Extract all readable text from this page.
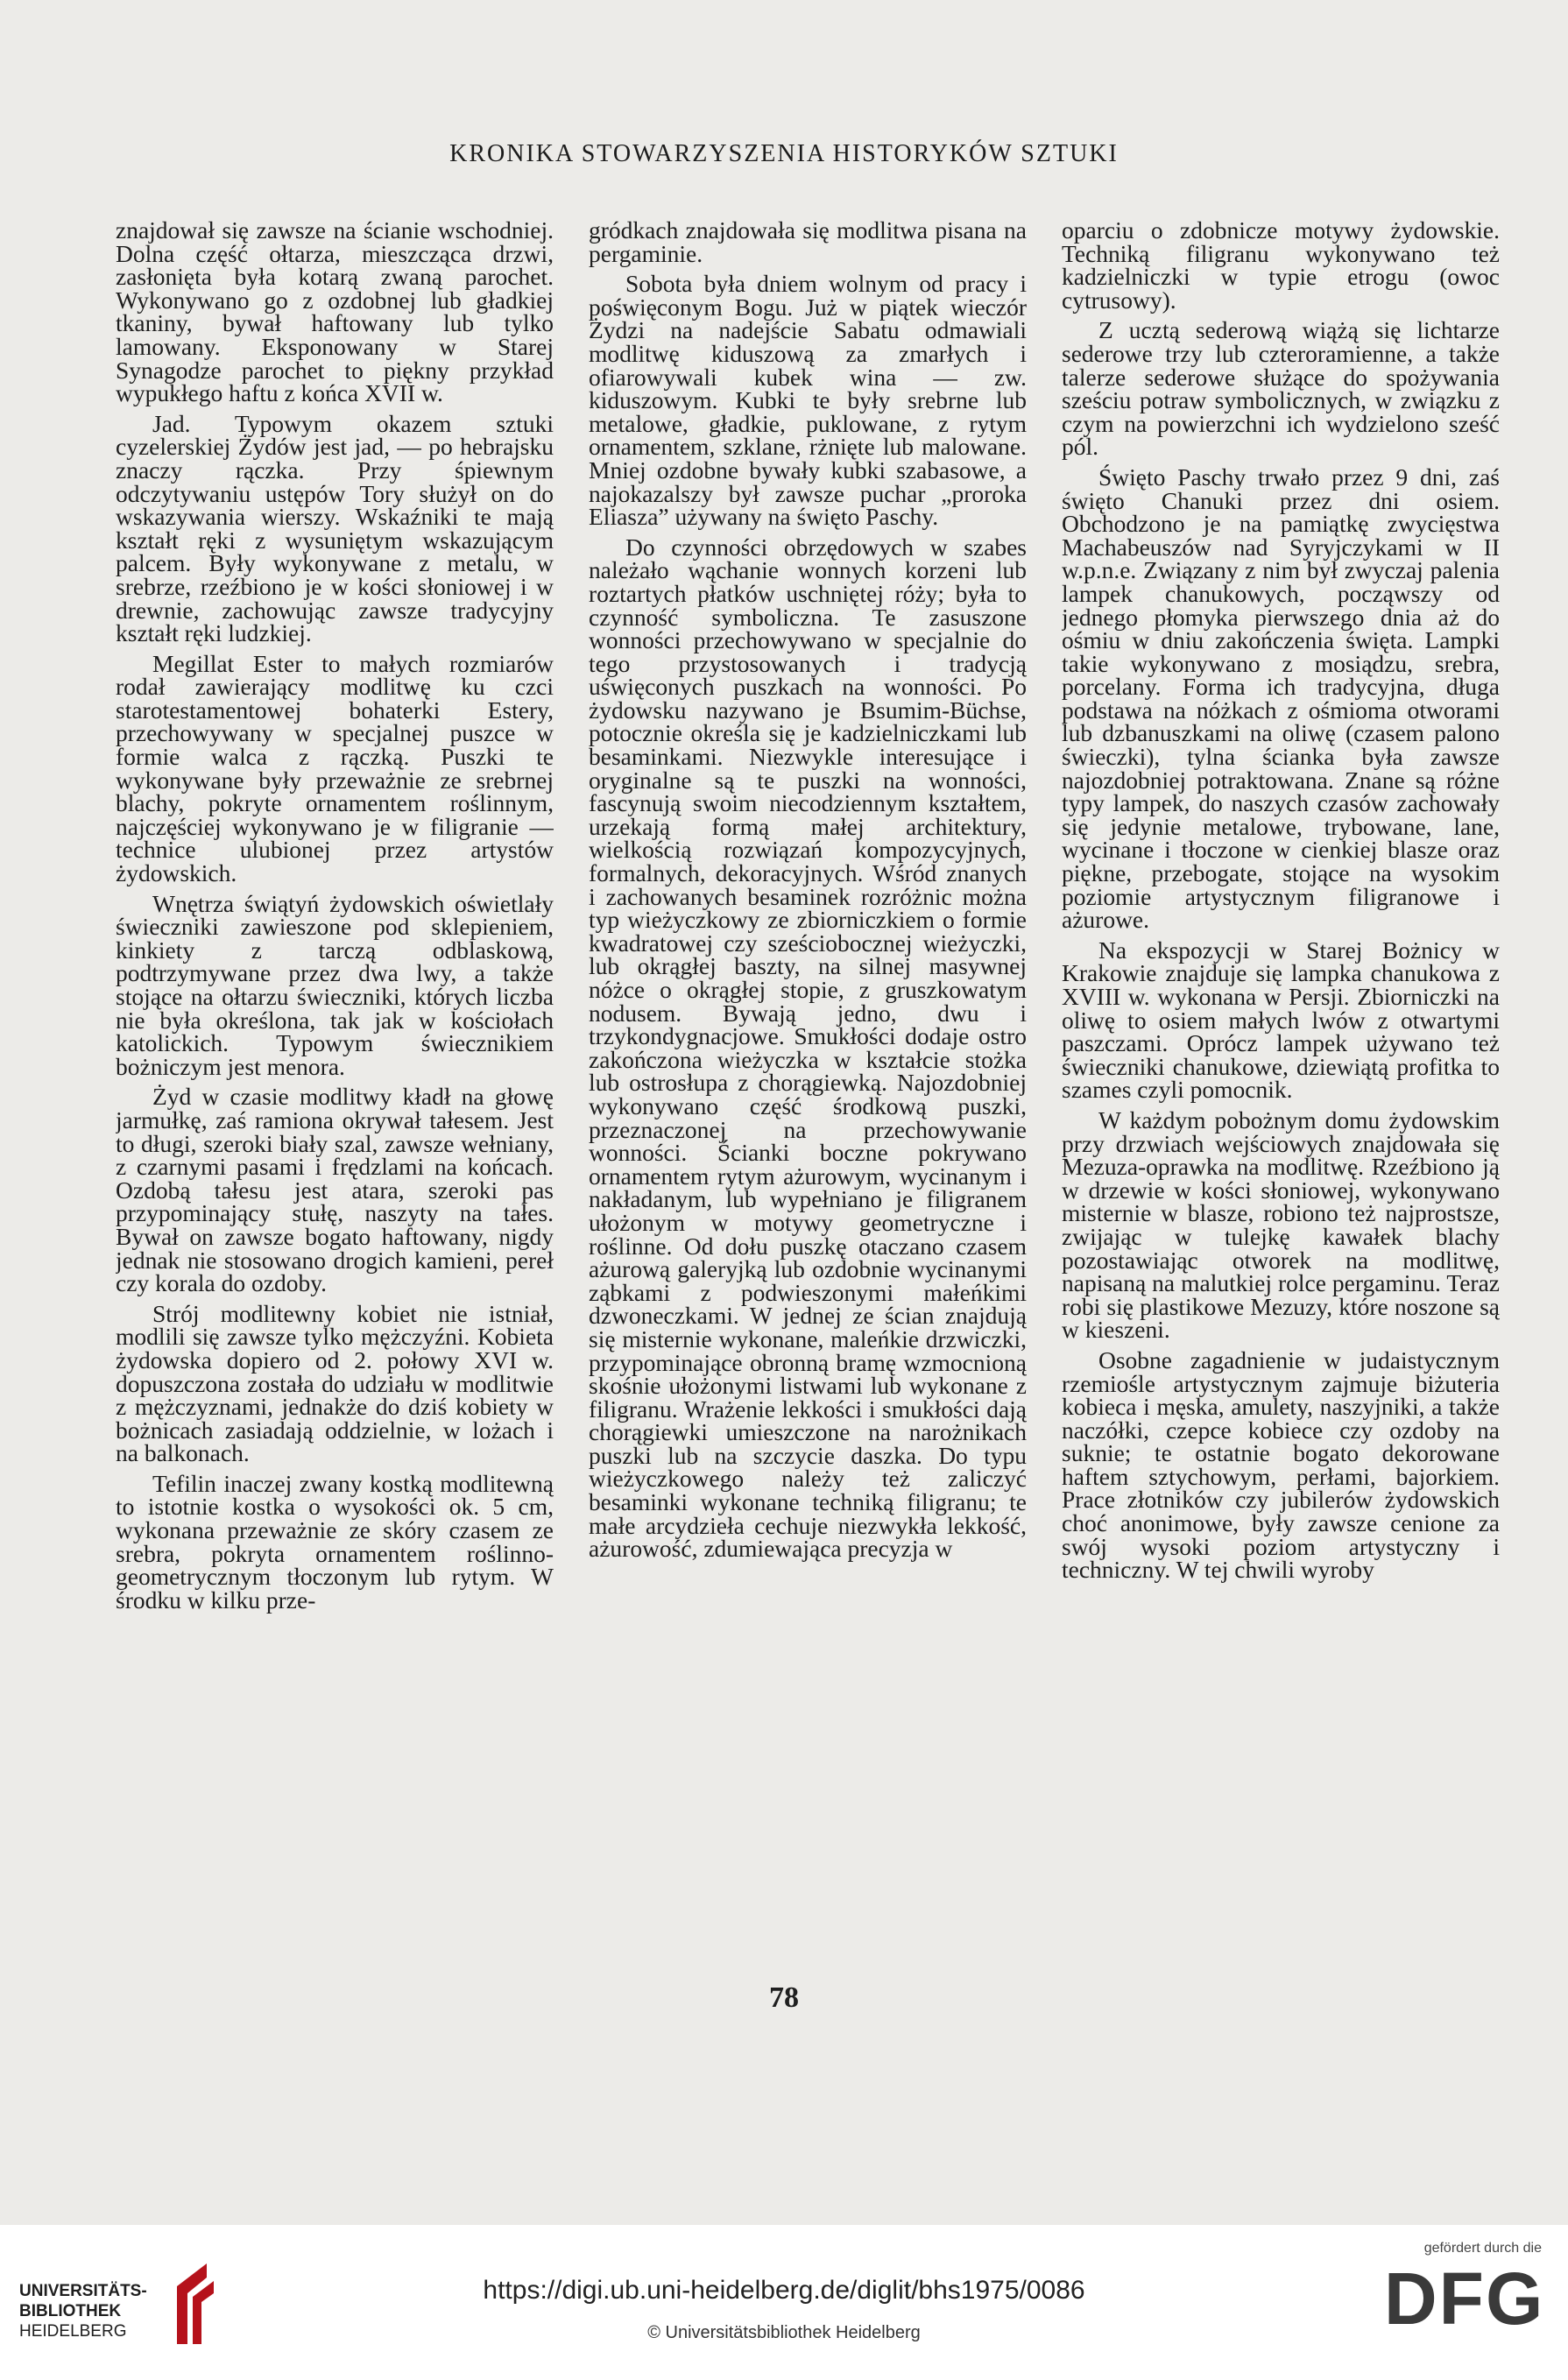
KRONIKA STOWARZYSZENIA HISTORYKÓW SZTUKI

znajdował się zawsze na ścianie wschodniej. Dolna część ołtarza, mieszcząca drzwi, zasłonięta była kotarą zwaną parochet. Wykonywano go z ozdobnej lub gładkiej tkaniny, bywał haftowany lub tylko lamowany. Eksponowany w Starej Synagodze parochet to piękny przykład wypukłego haftu z końca XVII w.

Jad. Typowym okazem sztuki cyzelerskiej Żydów jest jad, — po hebrajsku znaczy rączka. Przy śpiewnym odczytywaniu ustępów Tory służył on do wskazywania wierszy. Wskaźniki te mają kształt ręki z wysuniętym wskazującym palcem. Były wykonywane z metalu, w srebrze, rzeźbiono je w kości słoniowej i w drewnie, zachowując zawsze tradycyjny kształt ręki ludzkiej.

Megillat Ester to małych rozmiarów rodał zawierający modlitwę ku czci starotestamentowej bohaterki Estery, przechowywany w specjalnej puszce w formie walca z rączką. Puszki te wykonywane były przeważnie ze srebrnej blachy, pokryte ornamentem roślinnym, najczęściej wykonywano je w filigranie — technice ulubionej przez artystów żydowskich.

Wnętrza świątyń żydowskich oświetlały świeczniki zawieszone pod sklepieniem, kinkiety z tarczą odblaskową, podtrzymywane przez dwa lwy, a także stojące na ołtarzu świeczniki, których liczba nie była określona, tak jak w kościołach katolickich. Typowym świecznikiem bożniczym jest menora.

Żyd w czasie modlitwy kładł na głowę jarmułkę, zaś ramiona okrywał tałesem. Jest to długi, szeroki biały szal, zawsze wełniany, z czarnymi pasami i frędzlami na końcach. Ozdobą tałesu jest atara, szeroki pas przypominający stułę, naszyty na tałes. Bywał on zawsze bogato haftowany, nigdy jednak nie stosowano drogich kamieni, pereł czy korala do ozdoby.

Strój modlitewny kobiet nie istniał, modlili się zawsze tylko mężczyźni. Kobieta żydowska dopiero od 2. połowy XVI w. dopuszczona została do udziału w modlitwie z mężczyznami, jednakże do dziś kobiety w bożnicach zasiadają oddzielnie, w lożach i na balkonach.

Tefilin inaczej zwany kostką modlitewną to istotnie kostka o wysokości ok. 5 cm, wykonana przeważnie ze skóry czasem ze srebra, pokryta ornamentem roślinno-geometrycznym tłoczonym lub rytym. W środku w kilku prze-

gródkach znajdowała się modlitwa pisana na pergaminie.

Sobota była dniem wolnym od pracy i poświęconym Bogu. Już w piątek wieczór Żydzi na nadejście Sabatu odmawiali modlitwę kiduszową za zmarłych i ofiarowywali kubek wina — zw. kiduszowym. Kubki te były srebrne lub metalowe, gładkie, puklowane, z rytym ornamentem, szklane, rżnięte lub malowane. Mniej ozdobne bywały kubki szabasowe, a najokazalszy był zawsze puchar „proroka Eliasza” używany na święto Paschy.

Do czynności obrzędowych w szabes należało wąchanie wonnych korzeni lub roztartych płatków uschniętej róży; była to czynność symboliczna. Te zasuszone wonności przechowywano w specjalnie do tego przystosowanych i tradycją uświęconych puszkach na wonności. Po żydowsku nazywano je Bsumim-Büchse, potocznie określa się je kadzielniczkami lub besaminkami. Niezwykle interesujące i oryginalne są te puszki na wonności, fascynują swoim niecodziennym kształtem, urzekają formą małej architektury, wielkością rozwiązań kompozycyjnych, formalnych, dekoracyjnych. Wśród znanych i zachowanych besaminek rozróżnic można typ wieżyczkowy ze zbiorniczkiem o formie kwadratowej czy sześciobocznej wieżyczki, lub okrągłej baszty, na silnej masywnej nóżce o okrągłej stopie, z gruszkowatym nodusem. Bywają jedno, dwu i trzykondygnacjowe. Smukłości dodaje ostro zakończona wieżyczka w kształcie stożka lub ostrosłupa z chorągiewką. Najozdobniej wykonywano część środkową puszki, przeznaczonej na przechowywanie wonności. Ścianki boczne pokrywano ornamentem rytym ażurowym, wycinanym i nakładanym, lub wypełniano je filigranem ułożonym w motywy geometryczne i roślinne. Od dołu puszkę otaczano czasem ażurową galeryjką lub ozdobnie wycinanymi ząbkami z podwieszonymi małeńkimi dzwoneczkami. W jednej ze ścian znajdują się misternie wykonane, maleńkie drzwiczki, przypominające obronną bramę wzmocnioną skośnie ułożonymi listwami lub wykonane z filigranu. Wrażenie lekkości i smukłości dają chorągiewki umieszczone na narożnikach puszki lub na szczycie daszka. Do typu wieżyczkowego należy też zaliczyć besaminki wykonane techniką filigranu; te małe arcydzieła cechuje niezwykła lekkość, ażurowość, zdumiewająca precyzja w

oparciu o zdobnicze motywy żydowskie. Techniką filigranu wykonywano też kadzielniczki w typie etrogu (owoc cytrusowy).

Z ucztą sederową wiążą się lichtarze sederowe trzy lub czteroramienne, a także talerze sederowe służące do spożywania sześciu potraw symbolicznych, w związku z czym na powierzchni ich wydzielono sześć pól.

Święto Paschy trwało przez 9 dni, zaś święto Chanuki przez dni osiem. Obchodzono je na pamiątkę zwycięstwa Machabeuszów nad Syryjczykami w II w.p.n.e. Związany z nim był zwyczaj palenia lampek chanukowych, począwszy od jednego płomyka pierwszego dnia aż do ośmiu w dniu zakończenia święta. Lampki takie wykonywano z mosiądzu, srebra, porcelany. Forma ich tradycyjna, długa podstawa na nóżkach z ośmioma otworami lub dzbanuszkami na oliwę (czasem palono świeczki), tylna ścianka była zawsze najozdobniej potraktowana. Znane są różne typy lampek, do naszych czasów zachowały się jedynie metalowe, trybowane, lane, wycinane i tłoczone w cienkiej blasze oraz piękne, przebogate, stojące na wysokim poziomie artystycznym filigranowe i ażurowe.

Na ekspozycji w Starej Bożnicy w Krakowie znajduje się lampka chanukowa z XVIII w. wykonana w Persji. Zbiorniczki na oliwę to osiem małych lwów z otwartymi paszczami. Oprócz lampek używano też świeczniki chanukowe, dziewiątą profitka to szames czyli pomocnik.

W każdym pobożnym domu żydowskim przy drzwiach wejściowych znajdowała się Mezuza-oprawka na modlitwę. Rzeźbiono ją w drzewie w kości słoniowej, wykonywano misternie w blasze, robiono też najprostsze, zwijając w tulejkę kawałek blachy pozostawiając otworek na modlitwę, napisaną na malutkiej rolce pergaminu. Teraz robi się plastikowe Mezuzy, które noszone są w kieszeni.

Osobne zagadnienie w judaistycznym rzemiośle artystycznym zajmuje biżuteria kobieca i męska, amulety, naszyjniki, a także naczółki, czepce kobiece czy ozdoby na suknie; te ostatnie bogato dekorowane haftem sztychowym, perłami, bajorkiem. Prace złotników czy jubilerów żydowskich choć anonimowe, były zawsze cenione za swój wysoki poziom artystyczny i techniczny. W tej chwili wyroby

78
UNIVERSITÄTS-
BIBLIOTHEK
HEIDELBERG
https://digi.ub.uni-heidelberg.de/diglit/bhs1975/0086
© Universitätsbibliothek Heidelberg
gefördert durch die
DFG
